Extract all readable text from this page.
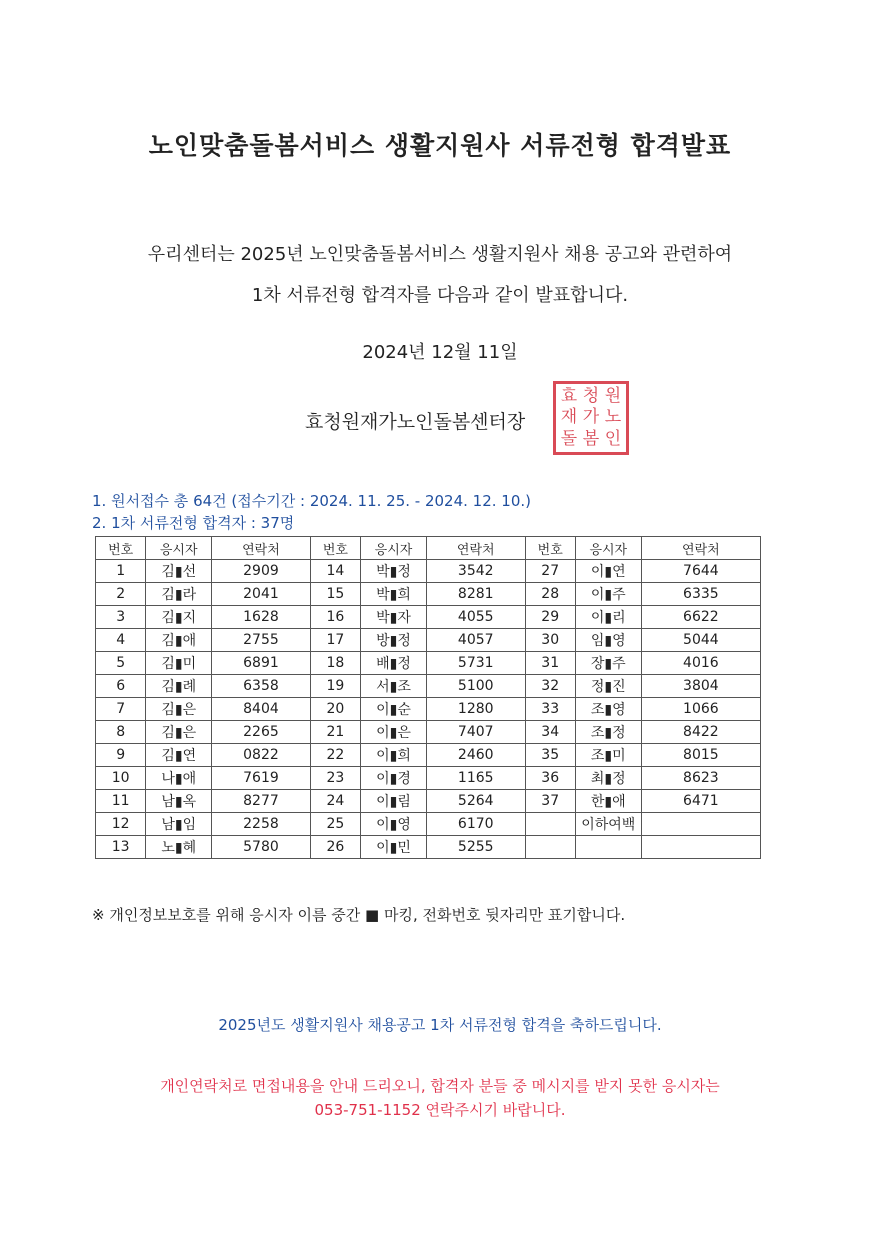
노인맞춤돌봄서비스 생활지원사 서류전형 합격발표
우리센터는 2025년 노인맞춤돌봄서비스 생활지원사 채용 공고와 관련하여
1차 서류전형 합격자를 다음과 같이 발표합니다.
2024년 12월 11일
효청원재가노인돌봄센터장
효 청 원
재 가 노
돌 봄 인
1. 원서접수 총 64건 (접수기간 : 2024. 11. 25. - 2024. 12. 10.)
2. 1차 서류전형 합격자 : 37명
번호	응시자	연락처	번호	응시자	연락처	번호	응시자	연락처
1	김▮선	2909	14	박▮정	3542	27	이▮연	7644
2	김▮라	2041	15	박▮희	8281	28	이▮주	6335
3	김▮지	1628	16	박▮자	4055	29	이▮리	6622
4	김▮애	2755	17	방▮정	4057	30	임▮영	5044
5	김▮미	6891	18	배▮정	5731	31	장▮주	4016
6	김▮례	6358	19	서▮조	5100	32	정▮진	3804
7	김▮은	8404	20	이▮순	1280	33	조▮영	1066
8	김▮은	2265	21	이▮은	7407	34	조▮정	8422
9	김▮연	0822	22	이▮희	2460	35	조▮미	8015
10	나▮애	7619	23	이▮경	1165	36	최▮정	8623
11	남▮옥	8277	24	이▮림	5264	37	한▮애	6471
12	남▮임	2258	25	이▮영	6170		이하여백	
13	노▮혜	5780	26	이▮민	5255			
※ 개인정보보호를 위해 응시자 이름 중간 ■ 마킹, 전화번호 뒷자리만 표기합니다.
2025년도 생활지원사 채용공고 1차 서류전형 합격을 축하드립니다.
개인연락처로 면접내용을 안내 드리오니, 합격자 분들 중 메시지를 받지 못한 응시자는
053-751-1152 연락주시기 바랍니다.
